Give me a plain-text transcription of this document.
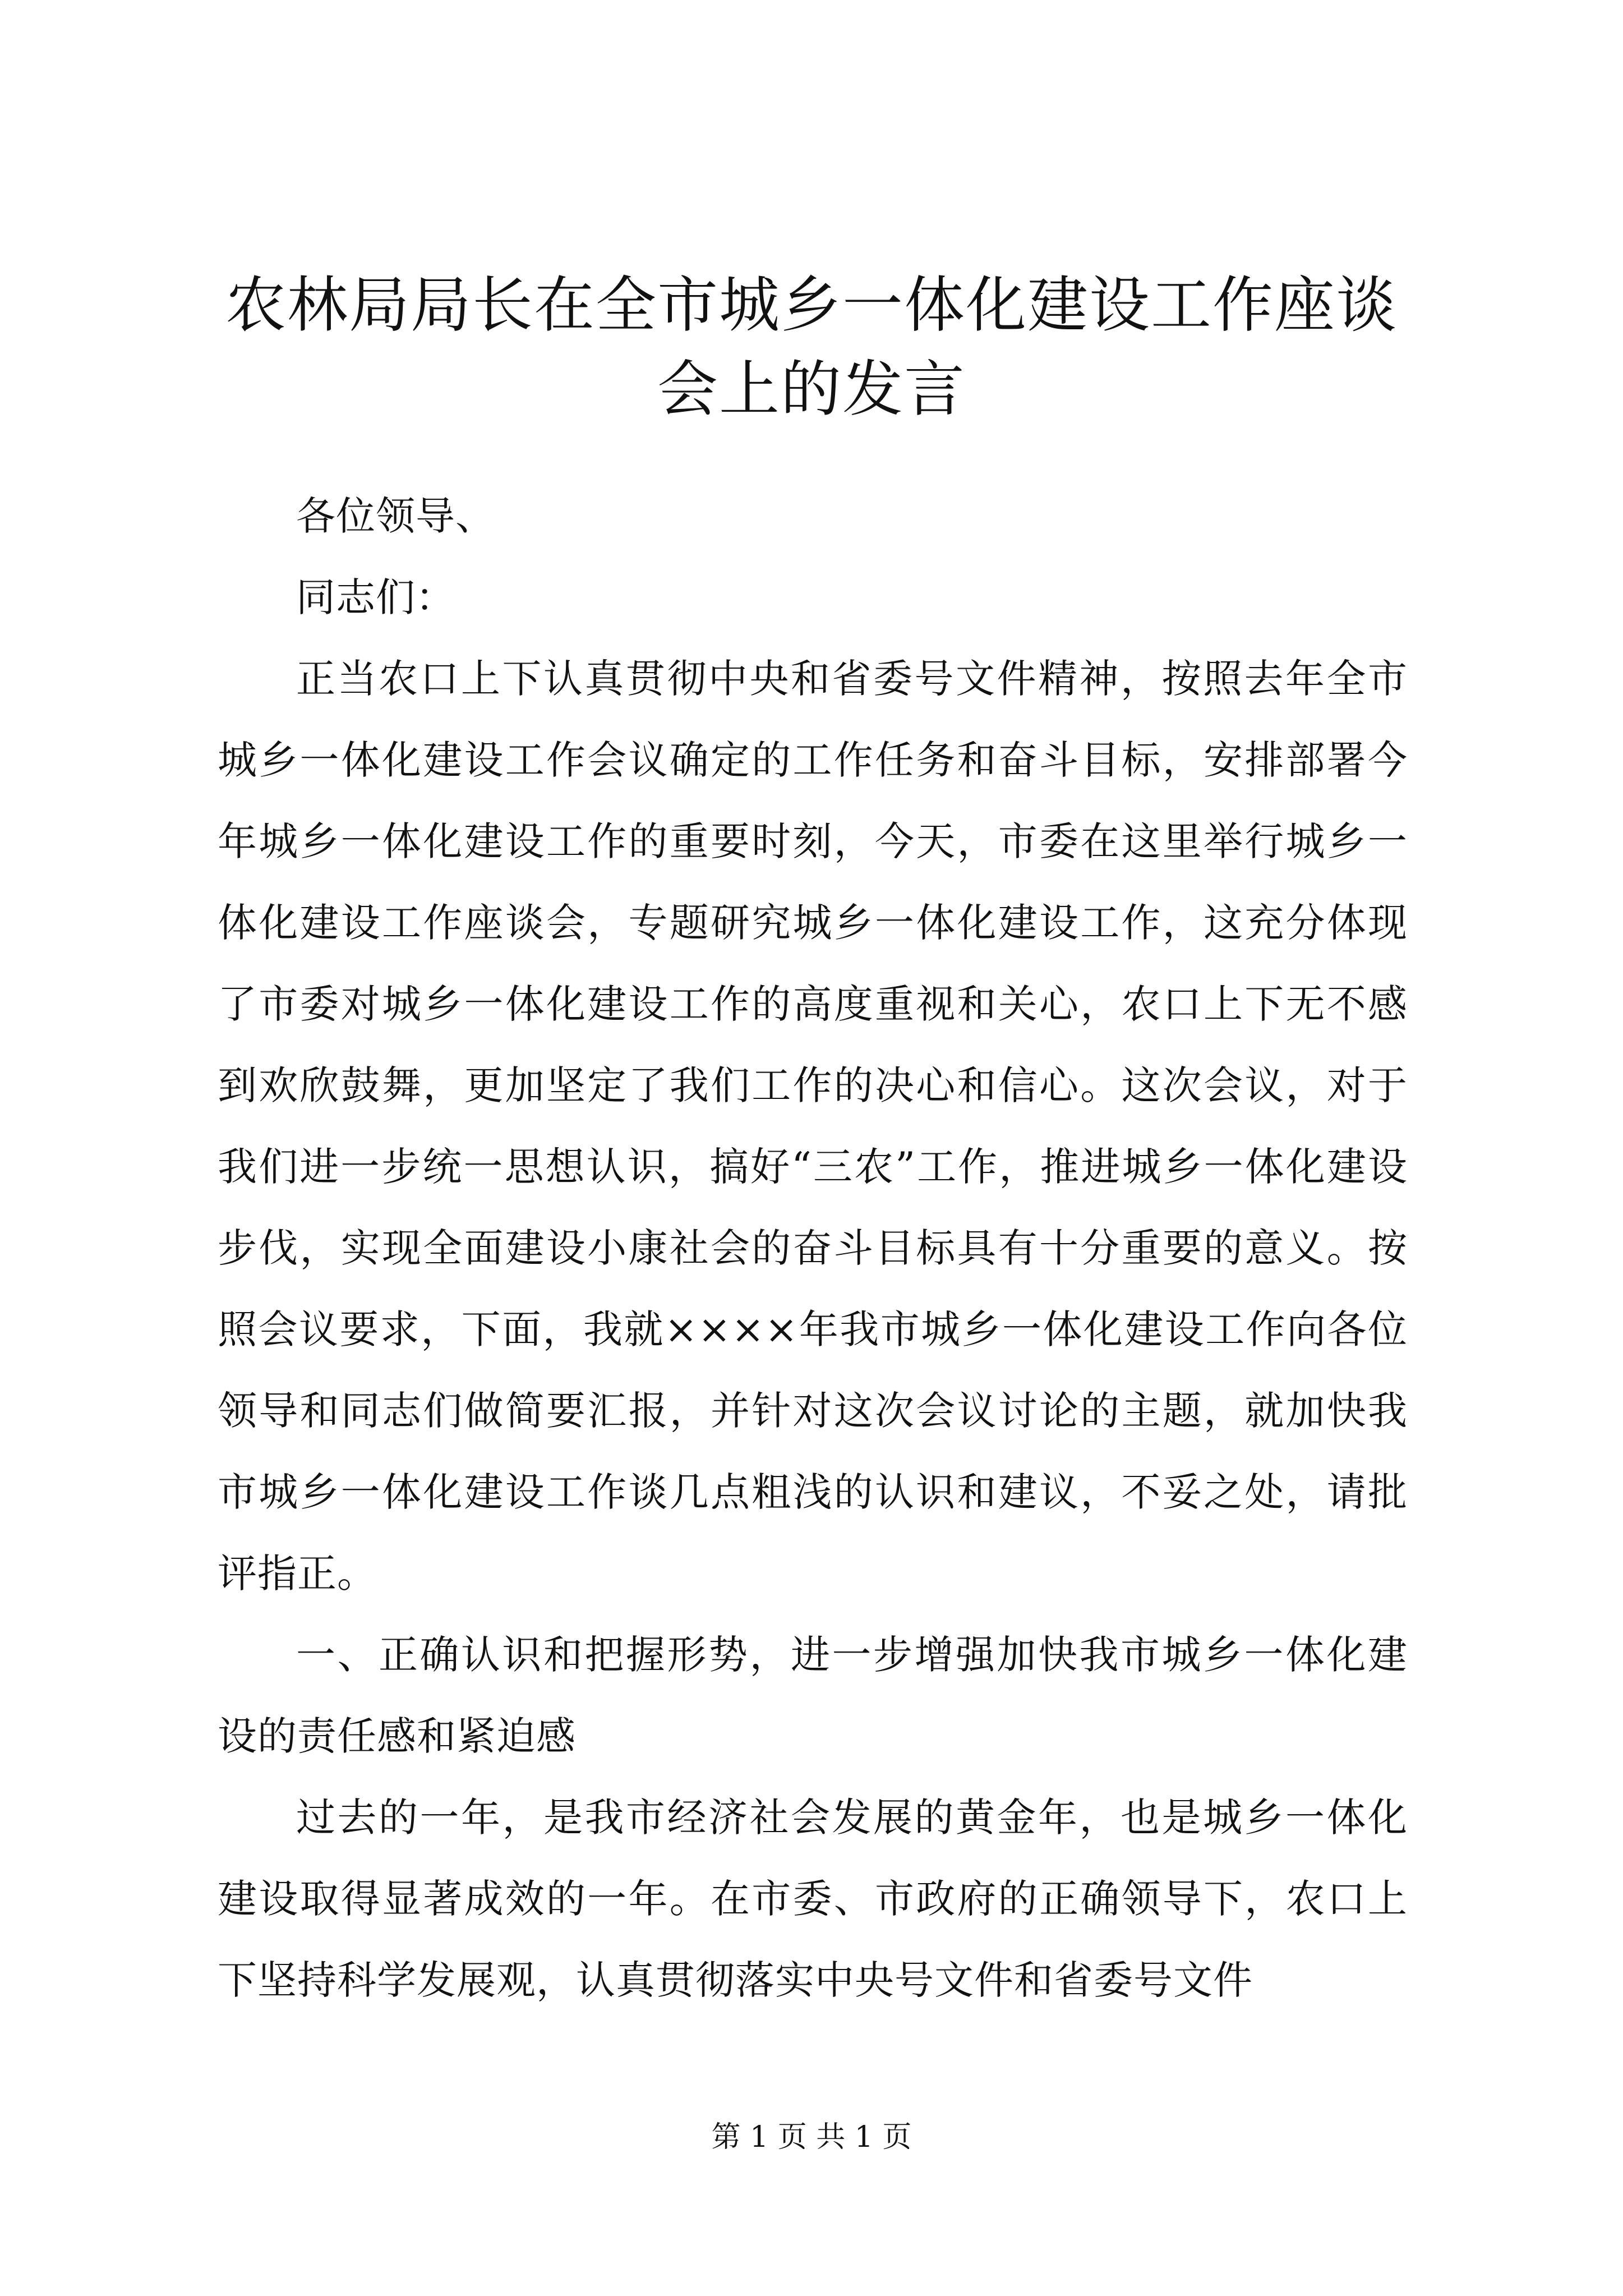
农林局局长在全市城乡一体化建设工作座谈会上的发言

各位领导、

同志们：

正当农口上下认真贯彻中央和省委号文件精神，按照去年全市城乡一体化建设工作会议确定的工作任务和奋斗目标，安排部署今年城乡一体化建设工作的重要时刻，今天，市委在这里举行城乡一体化建设工作座谈会，专题研究城乡一体化建设工作，这充分体现了市委对城乡一体化建设工作的高度重视和关心，农口上下无不感到欢欣鼓舞，更加坚定了我们工作的决心和信心。这次会议，对于我们进一步统一思想认识，搞好“三农”工作，推进城乡一体化建设步伐，实现全面建设小康社会的奋斗目标具有十分重要的意义。按照会议要求，下面，我就××××年我市城乡一体化建设工作向各位领导和同志们做简要汇报，并针对这次会议讨论的主题，就加快我市城乡一体化建设工作谈几点粗浅的认识和建议，不妥之处，请批评指正。

一、正确认识和把握形势，进一步增强加快我市城乡一体化建设的责任感和紧迫感

过去的一年，是我市经济社会发展的黄金年，也是城乡一体化建设取得显著成效的一年。在市委、市政府的正确领导下，农口上下坚持科学发展观，认真贯彻落实中央号文件和省委号文件

第 1 页 共 1 页
